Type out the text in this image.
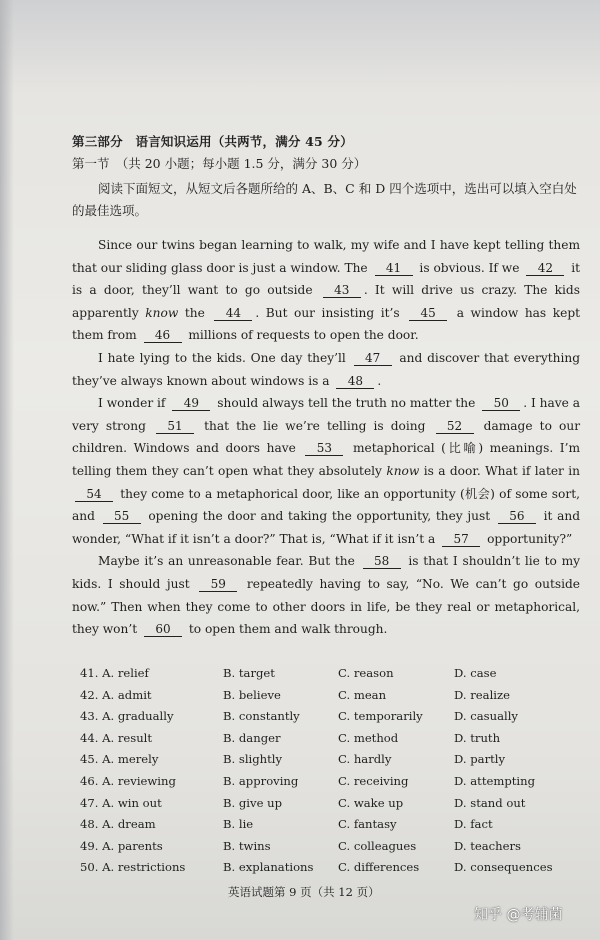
第三部分　语言知识运用（共两节，满分 45 分）
第一节　（共 20 小题；每小题 1.5 分，满分 30 分）
阅读下面短文，从短文后各题所给的 A、B、C 和 D 四个选项中，选出可以填入空白处的最佳选项。

Since our twins began learning to walk, my wife and I have kept telling them that our sliding glass door is just a window. The 41 is obvious. If we 42 it is a door, they’ll want to go outside 43 . It will drive us crazy. The kids apparently know the 44 . But our insisting it’s 45 a window has kept them from 46 millions of requests to open the door.

I hate lying to the kids. One day they’ll 47 and discover that everything they’ve always known about windows is a 48 .

I wonder if 49 should always tell the truth no matter the 50 . I have a very strong 51 that the lie we’re telling is doing 52 damage to our children. Windows and doors have 53 metaphorical (比喻) meanings. I’m telling them they can’t open what they absolutely know is a door. What if later in 54 they come to a metaphorical door, like an opportunity (机会) of some sort, and 55 opening the door and taking the opportunity, they just 56 it and wonder, “What if it isn’t a door?” That is, “What if it isn’t a 57 opportunity?”

Maybe it’s an unreasonable fear. But the 58 is that I shouldn’t lie to my kids. I should just 59 repeatedly having to say, “No. We can’t go outside now.” Then when they come to other doors in life, be they real or metaphorical, they won’t 60 to open them and walk through.

41. A. relief	B. target	C. reason	D. case
42. A. admit	B. believe	C. mean	D. realize
43. A. gradually	B. constantly	C. temporarily	D. casually
44. A. result	B. danger	C. method	D. truth
45. A. merely	B. slightly	C. hardly	D. partly
46. A. reviewing	B. approving	C. receiving	D. attempting
47. A. win out	B. give up	C. wake up	D. stand out
48. A. dream	B. lie	C. fantasy	D. fact
49. A. parents	B. twins	C. colleagues	D. teachers
50. A. restrictions	B. explanations C. differences	D. consequences
英语试题第 9 页（共 12 页）
知乎 @考辅菌
